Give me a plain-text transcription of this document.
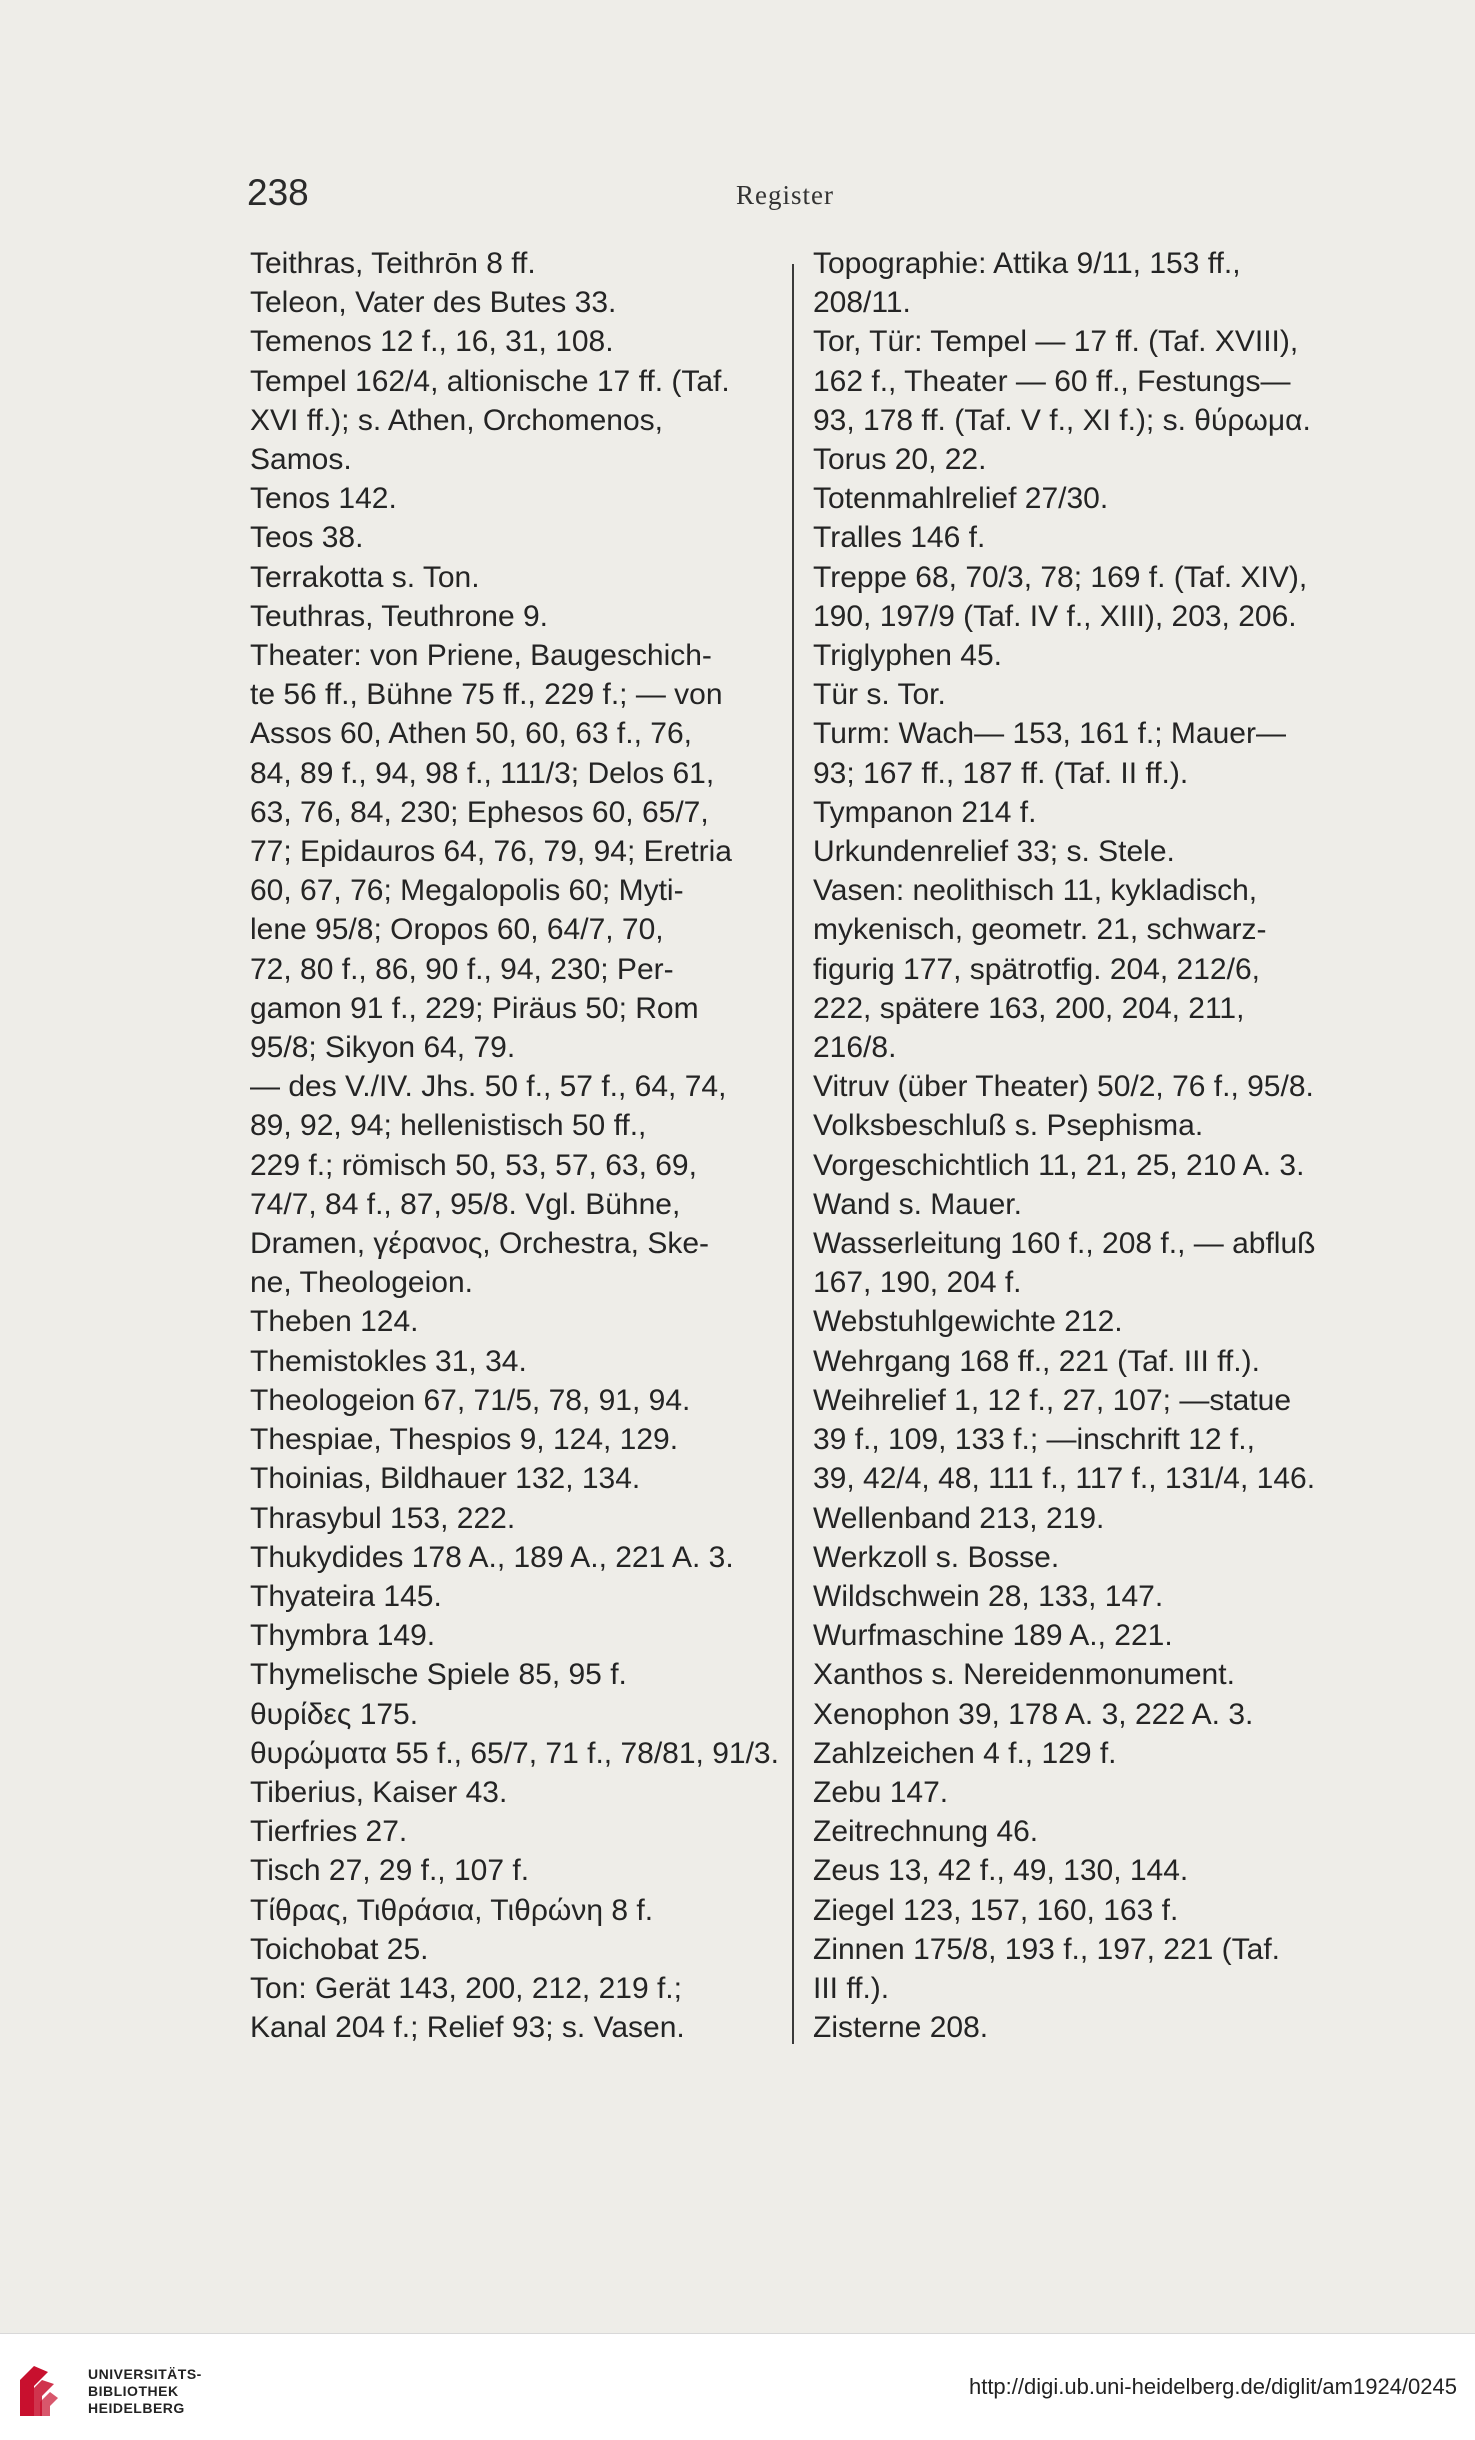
238	Register
Teithras, Teithrōn 8 ff.
Teleon, Vater des Butes 33.
Temenos 12 f., 16, 31, 108.
Tempel 162/4, altionische 17 ff. (Taf.
XVI ff.); s. Athen, Orchomenos,
Samos.
Tenos 142.
Teos 38.
Terrakotta s. Ton.
Teuthras, Teuthrone 9.
Theater: von Priene, Baugeschich-
te 56 ff., Bühne 75 ff., 229 f.; — von
Assos 60, Athen 50, 60, 63 f., 76,
84, 89 f., 94, 98 f., 111/3; Delos 61,
63, 76, 84, 230; Ephesos 60, 65/7,
77; Epidauros 64, 76, 79, 94; Eretria
60, 67, 76; Megalopolis 60; Myti-
lene 95/8; Oropos 60, 64/7, 70,
72, 80 f., 86, 90 f., 94, 230; Per-
gamon 91 f., 229; Piräus 50; Rom
95/8; Sikyon 64, 79.
— des V./IV. Jhs. 50 f., 57 f., 64, 74,
89, 92, 94; hellenistisch 50 ff.,
229 f.; römisch 50, 53, 57, 63, 69,
74/7, 84 f., 87, 95/8. Vgl. Bühne,
Dramen, γέρανος, Orchestra, Ske-
ne, Theologeion.
Theben 124.
Themistokles 31, 34.
Theologeion 67, 71/5, 78, 91, 94.
Thespiae, Thespios 9, 124, 129.
Thoinias, Bildhauer 132, 134.
Thrasybul 153, 222.
Thukydides 178 A., 189 A., 221 A. 3.
Thyateira 145.
Thymbra 149.
Thymelische Spiele 85, 95 f.
θυρίδες 175.
θυρώματα 55 f., 65/7, 71 f., 78/81, 91/3.
Tiberius, Kaiser 43.
Tierfries 27.
Tisch 27, 29 f., 107 f.
Τίθρας, Τιθράσια, Τιθρώνη 8 f.
Toichobat 25.
Ton: Gerät 143, 200, 212, 219 f.;
Kanal 204 f.; Relief 93; s. Vasen.
Topographie: Attika 9/11, 153 ff.,
208/11.
Tor, Tür: Tempel — 17 ff. (Taf. XVIII),
162 f., Theater — 60 ff., Festungs—
93, 178 ff. (Taf. V f., XI f.); s. θύρωμα.
Torus 20, 22.
Totenmahlrelief 27/30.
Tralles 146 f.
Treppe 68, 70/3, 78; 169 f. (Taf. XIV),
190, 197/9 (Taf. IV f., XIII), 203, 206.
Triglyphen 45.
Tür s. Tor.
Turm: Wach— 153, 161 f.; Mauer—
93; 167 ff., 187 ff. (Taf. II ff.).
Tympanon 214 f.
Urkundenrelief 33; s. Stele.
Vasen: neolithisch 11, kykladisch,
mykenisch, geometr. 21, schwarz-
figurig 177, spätrotfig. 204, 212/6,
222, spätere 163, 200, 204, 211,
216/8.
Vitruv (über Theater) 50/2, 76 f., 95/8.
Volksbeschluß s. Psephisma.
Vorgeschichtlich 11, 21, 25, 210 A. 3.
Wand s. Mauer.
Wasserleitung 160 f., 208 f., — abfluß
167, 190, 204 f.
Webstuhlgewichte 212.
Wehrgang 168 ff., 221 (Taf. III ff.).
Weihrelief 1, 12 f., 27, 107; —statue
39 f., 109, 133 f.; —inschrift 12 f.,
39, 42/4, 48, 111 f., 117 f., 131/4, 146.
Wellenband 213, 219.
Werkzoll s. Bosse.
Wildschwein 28, 133, 147.
Wurfmaschine 189 A., 221.
Xanthos s. Nereidenmonument.
Xenophon 39, 178 A. 3, 222 A. 3.
Zahlzeichen 4 f., 129 f.
Zebu 147.
Zeitrechnung 46.
Zeus 13, 42 f., 49, 130, 144.
Ziegel 123, 157, 160, 163 f.
Zinnen 175/8, 193 f., 197, 221 (Taf.
III ff.).
Zisterne 208.
UNIVERSITÄTS-
BIBLIOTHEK
HEIDELBERG
http://digi.ub.uni-heidelberg.de/diglit/am1924/0245
